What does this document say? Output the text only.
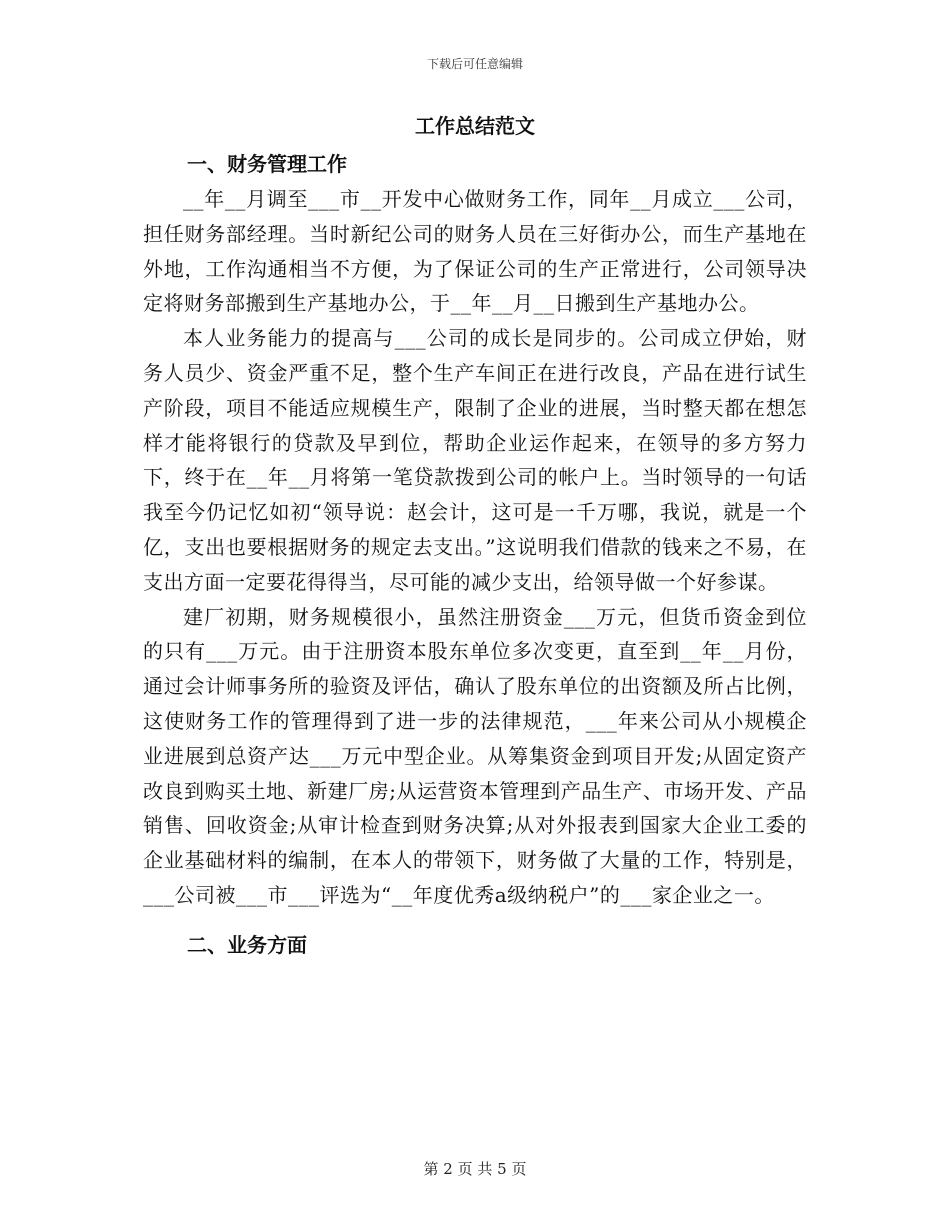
下载后可任意编辑
工作总结范文
一、财务管理工作

__年__月调至___市__开发中心做财务工作，同年__月成立___公司，担任财务部经理。当时新纪公司的财务人员在三好街办公，而生产基地在外地，工作沟通相当不方便，为了保证公司的生产正常进行，公司领导决定将财务部搬到生产基地办公，于__年__月__日搬到生产基地办公。

本人业务能力的提高与___公司的成长是同步的。公司成立伊始，财务人员少、资金严重不足，整个生产车间正在进行改良，产品在进行试生产阶段，项目不能适应规模生产，限制了企业的进展，当时整天都在想怎样才能将银行的贷款及早到位，帮助企业运作起来，在领导的多方努力下，终于在__年__月将第一笔贷款拨到公司的帐户上。当时领导的一句话我至今仍记忆如初“领导说：赵会计，这可是一千万哪，我说，就是一个亿，支出也要根据财务的规定去支出。”这说明我们借款的钱来之不易，在支出方面一定要花得得当，尽可能的减少支出，给领导做一个好参谋。

建厂初期，财务规模很小，虽然注册资金___万元，但货币资金到位的只有___万元。由于注册资本股东单位多次变更，直至到__年__月份，通过会计师事务所的验资及评估，确认了股东单位的出资额及所占比例，这使财务工作的管理得到了进一步的法律规范，___年来公司从小规模企业进展到总资产达___万元中型企业。从筹集资金到项目开发;从固定资产改良到购买土地、新建厂房;从运营资本管理到产品生产、市场开发、产品销售、回收资金;从审计检查到财务决算;从对外报表到国家大企业工委的企业基础材料的编制，在本人的带领下，财务做了大量的工作，特别是，___公司被___市___评选为“__年度优秀a级纳税户”的___家企业之一。

二、业务方面
第 2 页 共 5 页
